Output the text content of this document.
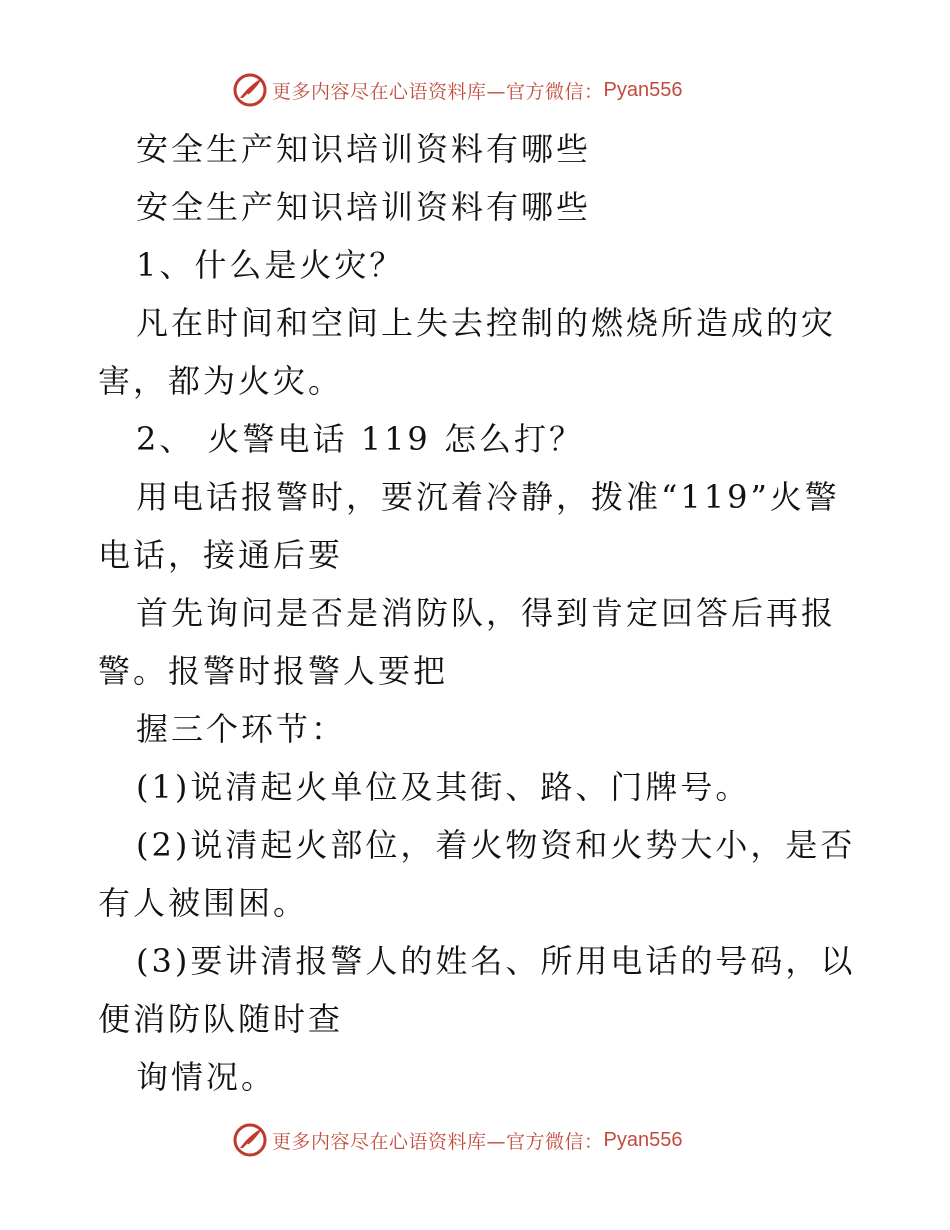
更多内容尽在心语资料库—官方微信： Pyan556
安全生产知识培训资料有哪些
安全生产知识培训资料有哪些
1、什么是火灾？
凡在时间和空间上失去控制的燃烧所造成的灾
害，都为火灾。
2、 火警电话 119 怎么打？
用电话报警时，要沉着冷静，拨准“119”火警
电话，接通后要
首先询问是否是消防队，得到肯定回答后再报
警。报警时报警人要把
握三个环节：
(1)说清起火单位及其街、路、门牌号。
(2)说清起火部位，着火物资和火势大小，是否
有人被围困。
(3)要讲清报警人的姓名、所用电话的号码，以
便消防队随时查
询情况。
更多内容尽在心语资料库—官方微信： Pyan556
